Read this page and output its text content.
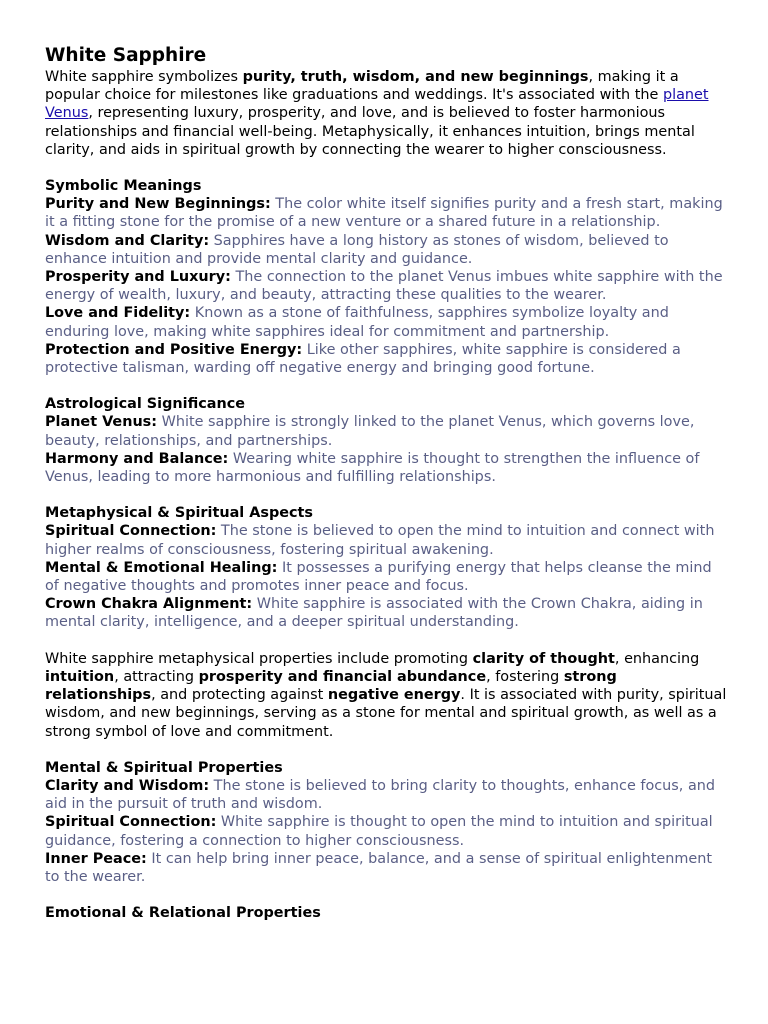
White Sapphire

White sapphire symbolizes purity, truth, wisdom, and new beginnings, making it a popular choice for milestones like graduations and weddings. It's associated with the planet Venus, representing luxury, prosperity, and love, and is believed to foster harmonious relationships and financial well-being. Metaphysically, it enhances intuition, brings mental clarity, and aids in spiritual growth by connecting the wearer to higher consciousness.

Symbolic Meanings

Purity and New Beginnings: The color white itself signifies purity and a fresh start, making it a fitting stone for the promise of a new venture or a shared future in a relationship.

Wisdom and Clarity: Sapphires have a long history as stones of wisdom, believed to enhance intuition and provide mental clarity and guidance.

Prosperity and Luxury: The connection to the planet Venus imbues white sapphire with the energy of wealth, luxury, and beauty, attracting these qualities to the wearer.

Love and Fidelity: Known as a stone of faithfulness, sapphires symbolize loyalty and enduring love, making white sapphires ideal for commitment and partnership.

Protection and Positive Energy: Like other sapphires, white sapphire is considered a protective talisman, warding off negative energy and bringing good fortune.

Astrological Significance

Planet Venus: White sapphire is strongly linked to the planet Venus, which governs love, beauty, relationships, and partnerships.

Harmony and Balance: Wearing white sapphire is thought to strengthen the influence of Venus, leading to more harmonious and fulfilling relationships.

Metaphysical & Spiritual Aspects

Spiritual Connection: The stone is believed to open the mind to intuition and connect with higher realms of consciousness, fostering spiritual awakening.

Mental & Emotional Healing: It possesses a purifying energy that helps cleanse the mind of negative thoughts and promotes inner peace and focus.

Crown Chakra Alignment: White sapphire is associated with the Crown Chakra, aiding in mental clarity, intelligence, and a deeper spiritual understanding.

White sapphire metaphysical properties include promoting clarity of thought, enhancing intuition, attracting prosperity and financial abundance, fostering strong relationships, and protecting against negative energy. It is associated with purity, spiritual wisdom, and new beginnings, serving as a stone for mental and spiritual growth, as well as a strong symbol of love and commitment.

Mental & Spiritual Properties

Clarity and Wisdom: The stone is believed to bring clarity to thoughts, enhance focus, and aid in the pursuit of truth and wisdom.

Spiritual Connection: White sapphire is thought to open the mind to intuition and spiritual guidance, fostering a connection to higher consciousness.

Inner Peace: It can help bring inner peace, balance, and a sense of spiritual enlightenment to the wearer.

Emotional & Relational Properties
